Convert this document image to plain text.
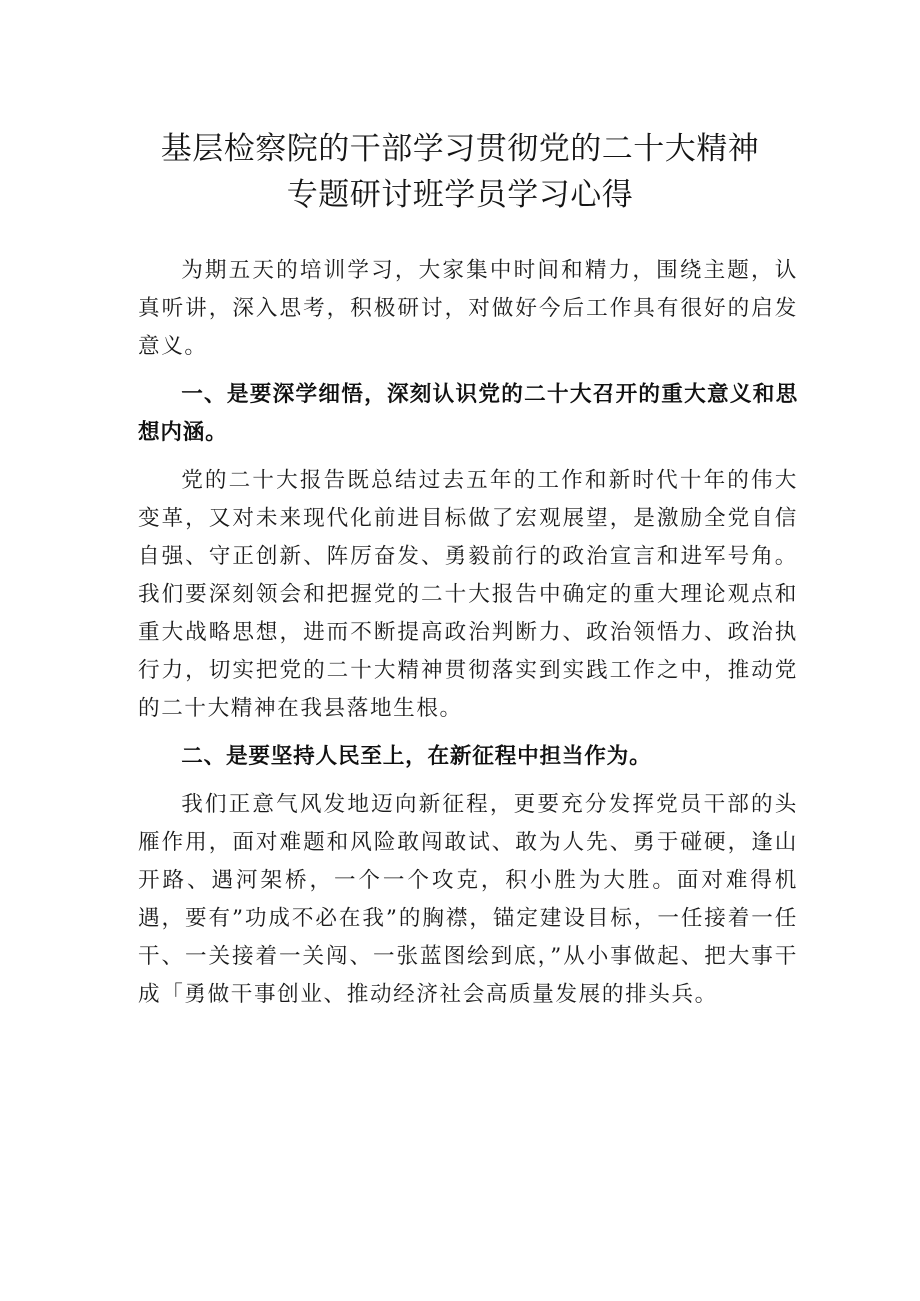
基层检察院的干部学习贯彻党的二十大精神
专题研讨班学员学习心得

为期五天的培训学习，大家集中时间和精力，围绕主题，认真听讲，深入思考，积极研讨，对做好今后工作具有很好的启发意义。

一、是要深学细悟，深刻认识党的二十大召开的重大意义和思想内涵。

党的二十大报告既总结过去五年的工作和新时代十年的伟大变革，又对未来现代化前进目标做了宏观展望，是激励全党自信自强、守正创新、阵厉奋发、勇毅前行的政治宣言和进军号角。我们要深刻领会和把握党的二十大报告中确定的重大理论观点和重大战略思想，进而不断提高政治判断力、政治领悟力、政治执行力，切实把党的二十大精神贯彻落实到实践工作之中，推动党的二十大精神在我县落地生根。

二、是要坚持人民至上，在新征程中担当作为。

我们正意气风发地迈向新征程，更要充分发挥党员干部的头雁作用，面对难题和风险敢闯敢试、敢为人先、勇于碰硬，逢山开路、遇河架桥，一个一个攻克，积小胜为大胜。面对难得机遇，要有”功成不必在我”的胸襟，锚定建设目标，一任接着一任干、一关接着一关闯、一张蓝图绘到底，”从小事做起、把大事干成「勇做干事创业、推动经济社会高质量发展的排头兵。
